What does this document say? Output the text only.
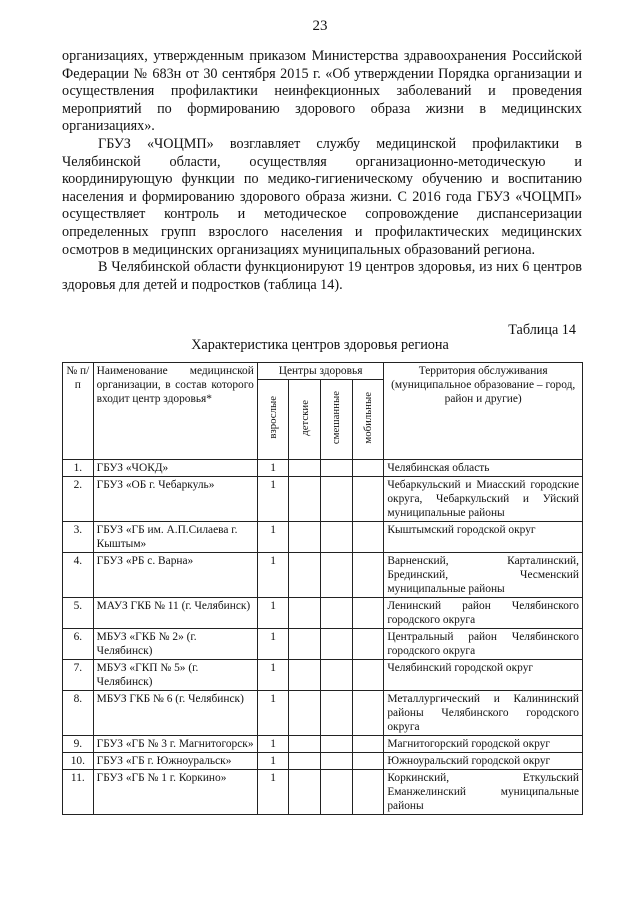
23

организациях, утвержденным приказом Министерства здравоохранения Российской Федерации № 683н от 30 сентября 2015 г. «Об утверждении Порядка организации и осуществления профилактики неинфекционных заболеваний и проведения мероприятий по формированию здорового образа жизни в медицинских организациях».

ГБУЗ «ЧОЦМП» возглавляет службу медицинской профилактики в Челябинской области, осуществляя организационно-методическую и координирующую функции по медико-гигиеническому обучению и воспитанию населения и формированию здорового образа жизни. С 2016 года ГБУЗ «ЧОЦМП» осуществляет контроль и методическое сопровождение диспансеризации определенных групп взрослого населения и профилактических медицинских осмотров в медицинских организациях муниципальных образований региона.

В Челябинской области функционируют 19 центров здоровья, из них 6 центров здоровья для детей и подростков (таблица 14).

Таблица 14
Характеристика центров здоровья региона
№ п/п	Наименование медицинской организации, в состав которого входит центр здоровья*	Центры здоровья				Территория обслуживания (муниципальное образование – город, район и другие)
		взрослые	детские	смешанные	мобильные	
1.	ГБУЗ «ЧОКД»	1				Челябинская область
2.	ГБУЗ «ОБ г. Чебаркуль»	1				Чебаркульский и Миасский городские округа, Чебаркульский и Уйский муниципальные районы
3.	ГБУЗ «ГБ им. А.П.Силаева г. Кыштым»	1				Кыштымский городской округ
4.	ГБУЗ «РБ с. Варна»	1				Варненский, Карталинский, Брединский, Чесменский муниципальные районы
5.	МАУЗ ГКБ № 11 (г. Челябинск)	1				Ленинский район Челябинского городского округа
6.	МБУЗ «ГКБ № 2» (г. Челябинск)	1				Центральный район Челябинского городского округа
7.	МБУЗ «ГКП № 5» (г. Челябинск)	1				Челябинский городской округ
8.	МБУЗ ГКБ № 6 (г. Челябинск)	1				Металлургический и Калининский районы Челябинского городского округа
9.	ГБУЗ «ГБ № 3 г. Магнитогорск»	1				Магнитогорский городской округ
10.	ГБУЗ «ГБ г. Южноуральск»	1				Южноуральский городской округ
11.	ГБУЗ «ГБ № 1 г. Коркино»	1				Коркинский, Еткульский Еманжелинский муниципальные районы
